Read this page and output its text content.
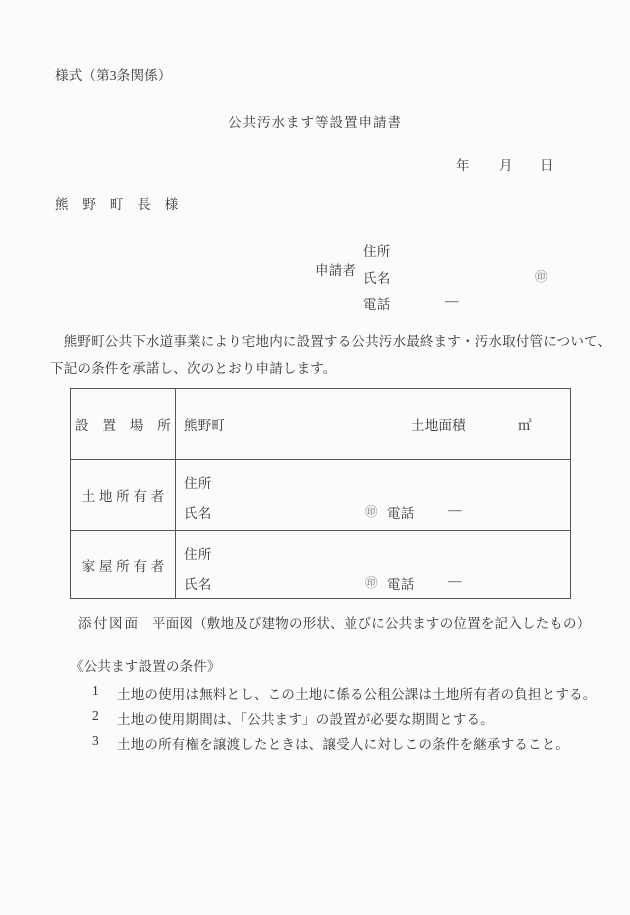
様式（第3条関係）
公共汚水ます等設置申請書
年 月 日
熊　野　町　長　様
申請者
住所
氏名	㊞
電話	―
　熊野町公共下水道事業により宅地内に設置する公共汚水最終ます・汚水取付管について、
下記の条件を承諾し、次のとおり申請します。
設　置　場　所	熊野町 土地面積 ㎡

土 地 所 有 者	住所
氏名 ㊞ 電話 ―

家 屋 所 有 者	住所
氏名 ㊞ 電話 ―
添付図面 平面図（敷地及び建物の形状、並びに公共ますの位置を記入したもの）
《公共ます設置の条件》
1 土地の使用は無料とし、この土地に係る公租公課は土地所有者の負担とする。
2 土地の使用期間は、「公共ます」の設置が必要な期間とする。
3 土地の所有権を譲渡したときは、譲受人に対しこの条件を継承すること。
